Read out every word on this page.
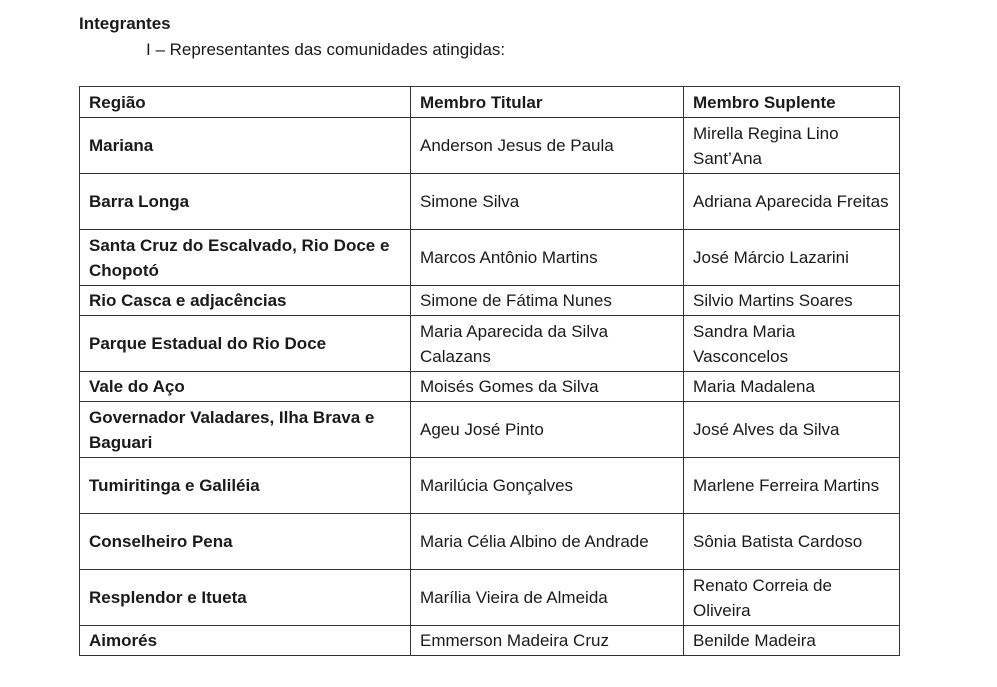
Integrantes

I – Representantes das comunidades atingidas:

Região	Membro Titular	Membro Suplente
Mariana	Anderson Jesus de Paula	Mirella Regina Lino Sant’Ana
Barra Longa	Simone Silva	Adriana Aparecida Freitas
Santa Cruz do Escalvado, Rio Doce e Chopotó	Marcos Antônio Martins	José Márcio Lazarini
Rio Casca e adjacências	Simone de Fátima Nunes	Silvio Martins Soares
Parque Estadual do Rio Doce	Maria Aparecida da Silva Calazans	Sandra Maria Vasconcelos
Vale do Aço	Moisés Gomes da Silva	Maria Madalena
Governador Valadares, Ilha Brava e Baguari	Ageu José Pinto	José Alves da Silva
Tumiritinga e Galiléia	Marilúcia Gonçalves	Marlene Ferreira Martins
Conselheiro Pena	Maria Célia Albino de Andrade	Sônia Batista Cardoso
Resplendor e Itueta	Marília Vieira de Almeida	Renato Correia de Oliveira
Aimorés	Emmerson Madeira Cruz	Benilde Madeira
